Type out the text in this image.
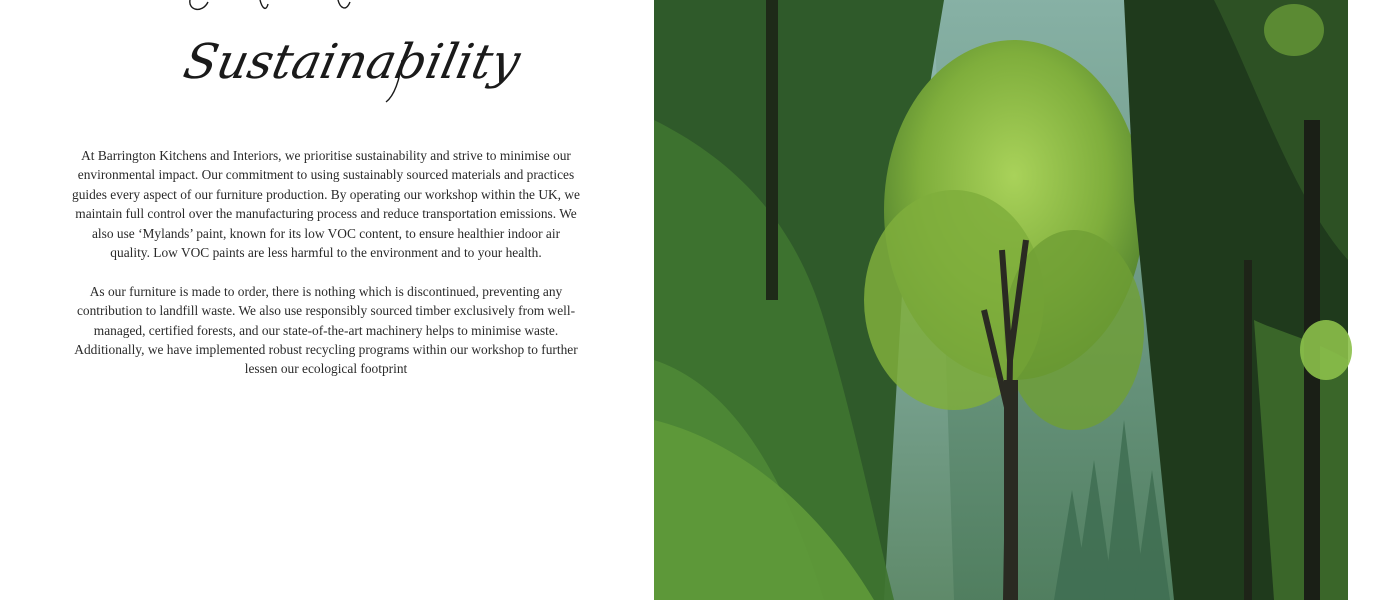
Sustainability

At Barrington Kitchens and Interiors, we prioritise sustainability and strive to minimise our environmental impact. Our commitment to using sustainably sourced materials and practices guides every aspect of our furniture production. By operating our workshop within the UK, we maintain full control over the manufacturing process and reduce transportation emissions. We also use ‘Mylands’ paint, known for its low VOC content, to ensure healthier indoor air quality. Low VOC paints are less harmful to the environment and to your health.

As our furniture is made to order, there is nothing which is discontinued, preventing any contribution to landfill waste. We also use responsibly sourced timber exclusively from well-managed, certified forests, and our state-of-the-art machinery helps to minimise waste. Additionally, we have implemented robust recycling programs within our workshop to further lessen our ecological footprint
